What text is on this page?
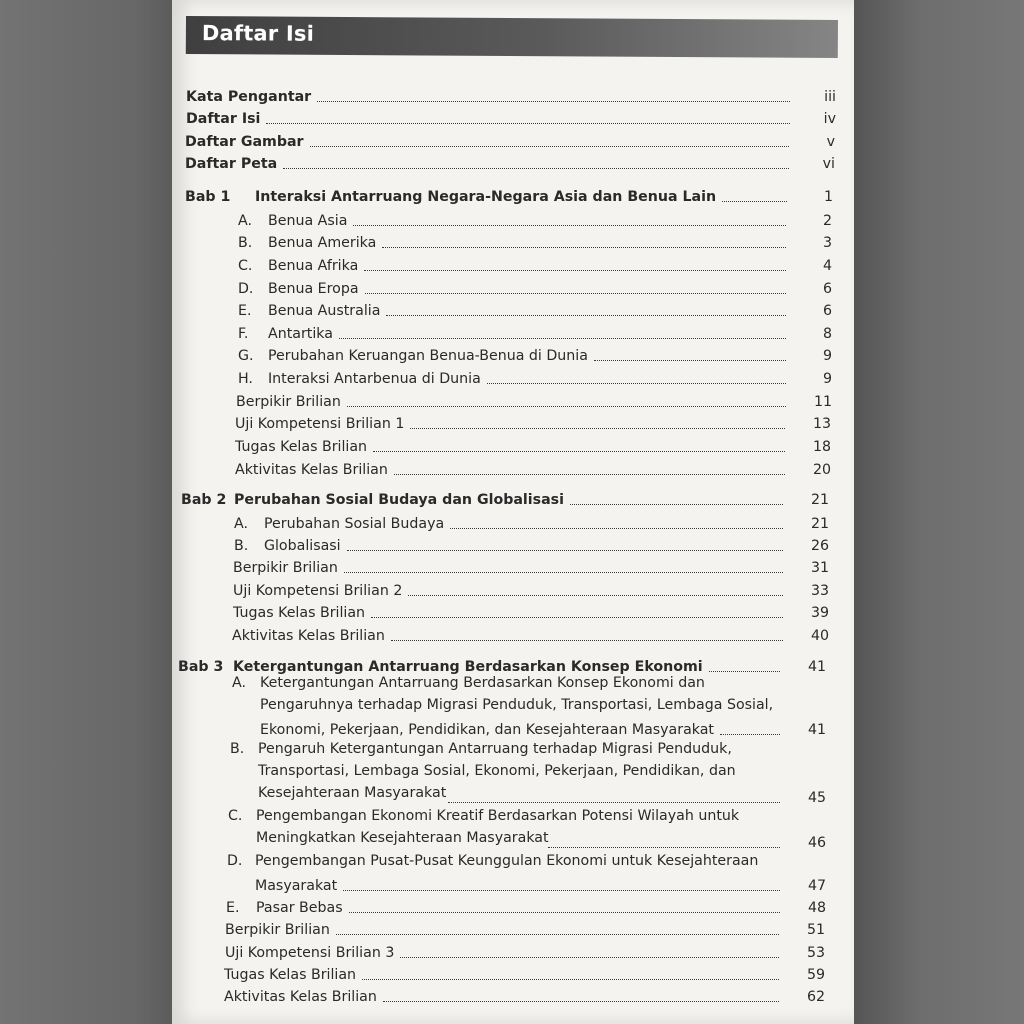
Daftar Isi
Kata Pengantar	iii
Daftar Isi	iv
Daftar Gambar	v
Daftar Peta	vi
Bab 1	Interaksi Antarruang Negara-Negara Asia dan Benua Lain	1
A.	Benua Asia	2
B.	Benua Amerika	3
C.	Benua Afrika	4
D.	Benua Eropa	6
E.	Benua Australia	6
F.	Antartika	8
G.	Perubahan Keruangan Benua-Benua di Dunia	9
H.	Interaksi Antarbenua di Dunia	9
Berpikir Brilian	11
Uji Kompetensi Brilian 1	13
Tugas Kelas Brilian	18
Aktivitas Kelas Brilian	20
Bab 2 Perubahan Sosial Budaya dan Globalisasi	21
A.	Perubahan Sosial Budaya	21
B.	Globalisasi	26
Berpikir Brilian	31
Uji Kompetensi Brilian 2	33
Tugas Kelas Brilian	39
Aktivitas Kelas Brilian	40
Bab 3 Ketergantungan Antarruang Berdasarkan Konsep Ekonomi	41
A. Ketergantungan Antarruang Berdasarkan Konsep Ekonomi dan
Pengaruhnya terhadap Migrasi Penduduk, Transportasi, Lembaga Sosial,
Ekonomi, Pekerjaan, Pendidikan, dan Kesejahteraan Masyarakat	41
B. Pengaruh Ketergantungan Antarruang terhadap Migrasi Penduduk,
Transportasi, Lembaga Sosial, Ekonomi, Pekerjaan, Pendidikan, dan
Kesejahteraan Masyarakat	45
C. Pengembangan Ekonomi Kreatif Berdasarkan Potensi Wilayah untuk
Meningkatkan Kesejahteraan Masyarakat	46
D. Pengembangan Pusat-Pusat Keunggulan Ekonomi untuk Kesejahteraan
Masyarakat	47
E.	Pasar Bebas	48
Berpikir Brilian	51
Uji Kompetensi Brilian 3	53
Tugas Kelas Brilian	59
Aktivitas Kelas Brilian	62
